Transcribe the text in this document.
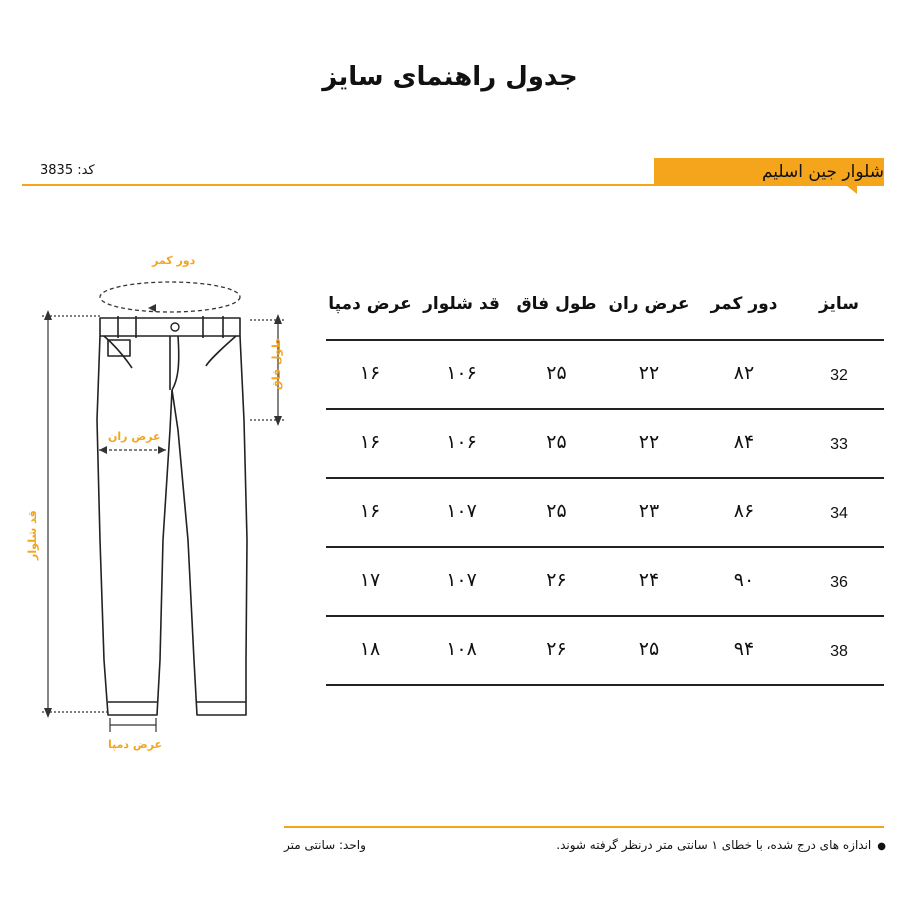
جدول راهنمای سایز
شلوار جین اسلیم
کد: 3835
دور کمر
طول فاق
عرض ران
قد شلوار
عرض دمپا
سایز
دور کمر
عرض ران
طول فاق
قد شلوار
عرض دمپا
32
۸۲
۲۲
۲۵
۱۰۶
۱۶
33
۸۴
۲۲
۲۵
۱۰۶
۱۶
34
۸۶
۲۳
۲۵
۱۰۷
۱۶
36
۹۰
۲۴
۲۶
۱۰۷
۱۷
38
۹۴
۲۵
۲۶
۱۰۸
۱۸
●اندازه های درج شده، با خطای ۱ سانتی متر درنظر گرفته شوند.
واحد: سانتی متر
